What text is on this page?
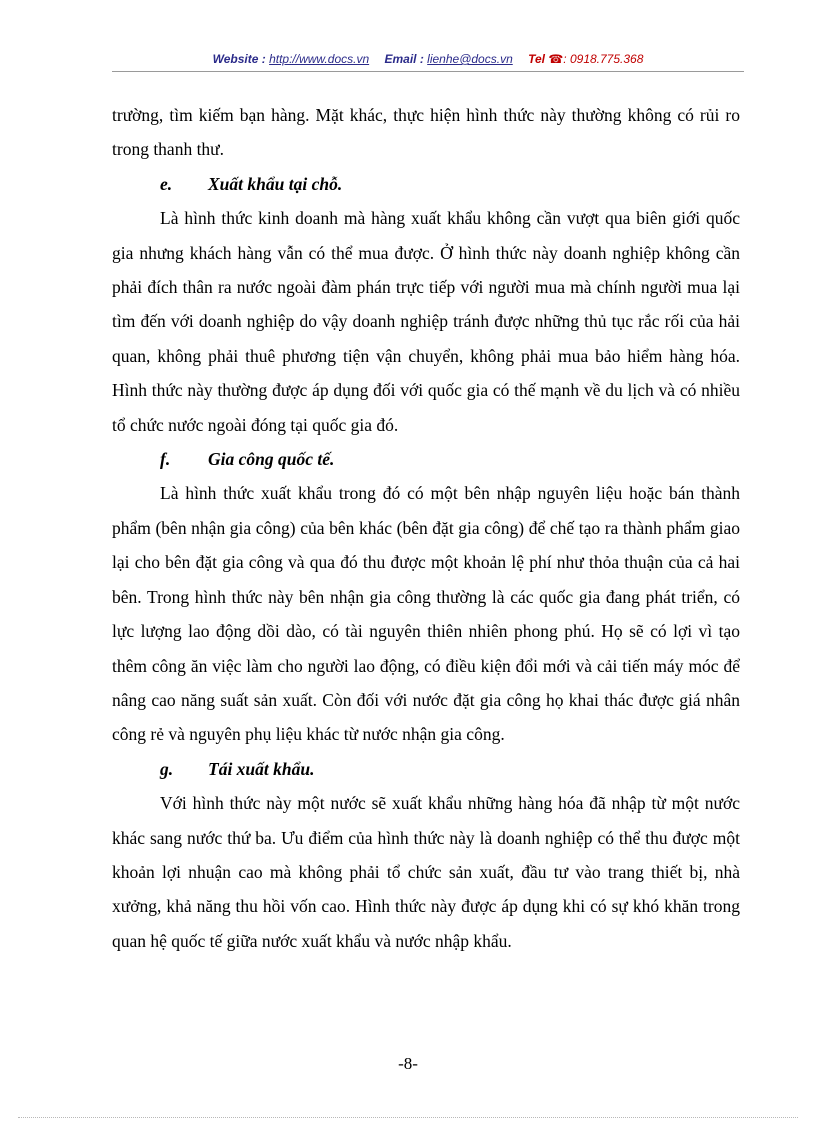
Website : http://www.docs.vn Email : lienhe@docs.vn Tel ☎: 0918.775.368

trường, tìm kiếm bạn hàng. Mặt khác, thực hiện hình thức này thường không có rủi ro trong thanh thư.

e. Xuất khẩu tại chỗ.

Là hình thức kinh doanh mà hàng xuất khẩu không cần vượt qua biên giới quốc gia nhưng khách hàng vẫn có thể mua được. Ở hình thức này doanh nghiệp không cần phải đích thân ra nước ngoài đàm phán trực tiếp với người mua mà chính người mua lại tìm đến với doanh nghiệp do vậy doanh nghiệp tránh được những thủ tục rắc rối của hải quan, không phải thuê phương tiện vận chuyển, không phải mua bảo hiểm hàng hóa. Hình thức này thường được áp dụng đối với quốc gia có thế mạnh về du lịch và có nhiều tổ chức nước ngoài đóng tại quốc gia đó.

f. Gia công quốc tế.

Là hình thức xuất khẩu trong đó có một bên nhập nguyên liệu hoặc bán thành phẩm (bên nhận gia công) của bên khác (bên đặt gia công) để chế tạo ra thành phẩm giao lại cho bên đặt gia công và qua đó thu được một khoản lệ phí như thỏa thuận của cả hai bên. Trong hình thức này bên nhận gia công thường là các quốc gia đang phát triển, có lực lượng lao động dồi dào, có tài nguyên thiên nhiên phong phú. Họ sẽ có lợi vì tạo thêm công ăn việc làm cho người lao động, có điều kiện đổi mới và cải tiến máy móc để nâng cao năng suất sản xuất. Còn đối với nước đặt gia công họ khai thác được giá nhân công rẻ và nguyên phụ liệu khác từ nước nhận gia công.

g. Tái xuất khẩu.

Với hình thức này một nước sẽ xuất khẩu những hàng hóa đã nhập từ một nước khác sang nước thứ ba. Ưu điểm của hình thức này là doanh nghiệp có thể thu được một khoản lợi nhuận cao mà không phải tổ chức sản xuất, đầu tư vào trang thiết bị, nhà xưởng, khả năng thu hồi vốn cao. Hình thức này được áp dụng khi có sự khó khăn trong quan hệ quốc tế giữa nước xuất khẩu và nước nhập khẩu.

-8-
